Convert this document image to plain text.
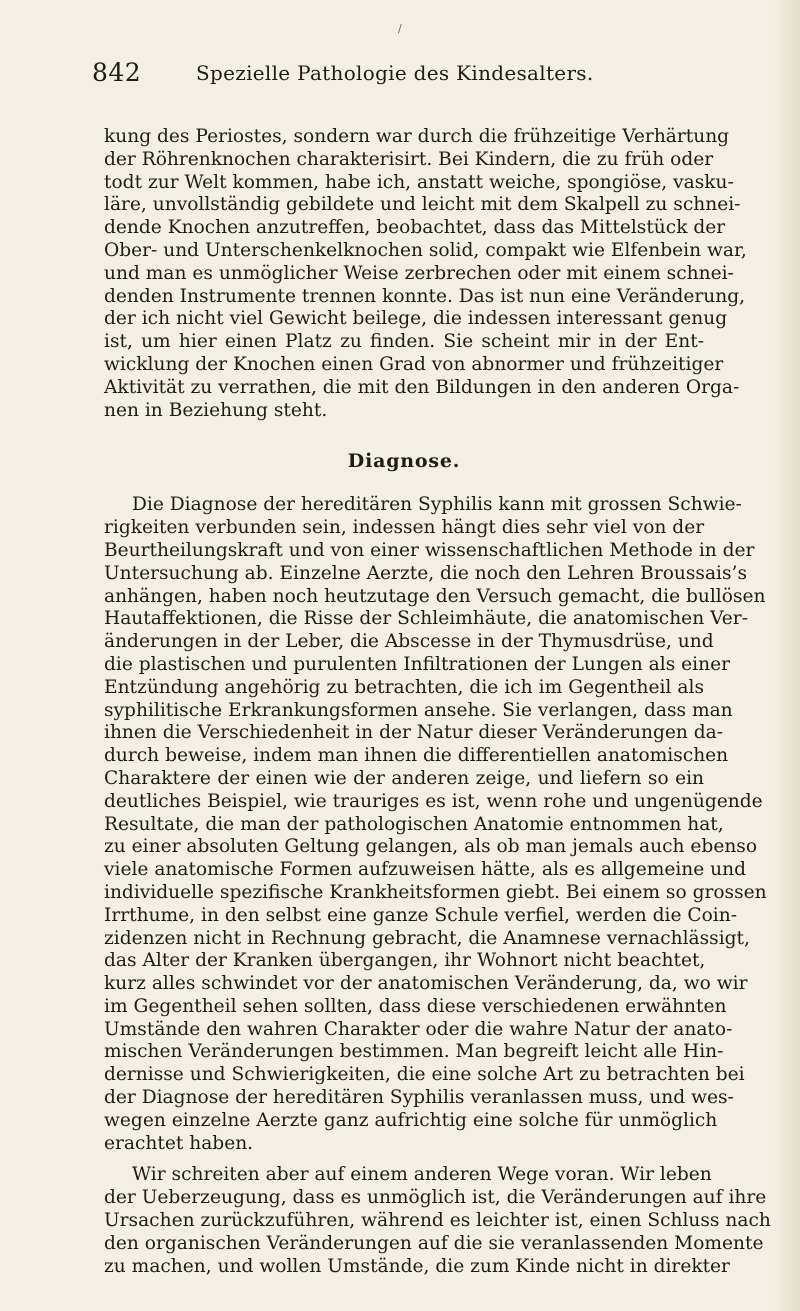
/
842	Spezielle Pathologie des Kindesalters.
kung des Periostes, sondern war durch die frühzeitige Verhärtung
der Röhrenknochen charakterisirt. Bei Kindern, die zu früh oder
todt zur Welt kommen, habe ich, anstatt weiche, spongiöse, vasku-
läre, unvollständig gebildete und leicht mit dem Skalpell zu schnei-
dende Knochen anzutreffen, beobachtet, dass das Mittelstück der
Ober- und Unterschenkelknochen solid, compakt wie Elfenbein war,
und man es unmöglicher Weise zerbrechen oder mit einem schnei-
denden Instrumente trennen konnte. Das ist nun eine Veränderung,
der ich nicht viel Gewicht beilege, die indessen interessant genug
ist, um hier einen Platz zu finden. Sie scheint mir in der Ent-
wicklung der Knochen einen Grad von abnormer und frühzeitiger
Aktivität zu verrathen, die mit den Bildungen in den anderen Orga-
nen in Beziehung steht.
Diagnose.
Die Diagnose der hereditären Syphilis kann mit grossen Schwie-
rigkeiten verbunden sein, indessen hängt dies sehr viel von der
Beurtheilungskraft und von einer wissenschaftlichen Methode in der
Untersuchung ab. Einzelne Aerzte, die noch den Lehren Broussais’s
anhängen, haben noch heutzutage den Versuch gemacht, die bullösen
Hautaffektionen, die Risse der Schleimhäute, die anatomischen Ver-
änderungen in der Leber, die Abscesse in der Thymusdrüse, und
die plastischen und purulenten Infiltrationen der Lungen als einer
Entzündung angehörig zu betrachten, die ich im Gegentheil als
syphilitische Erkrankungsformen ansehe. Sie verlangen, dass man
ihnen die Verschiedenheit in der Natur dieser Veränderungen da-
durch beweise, indem man ihnen die differentiellen anatomischen
Charaktere der einen wie der anderen zeige, und liefern so ein
deutliches Beispiel, wie trauriges es ist, wenn rohe und ungenügende
Resultate, die man der pathologischen Anatomie entnommen hat,
zu einer absoluten Geltung gelangen, als ob man jemals auch ebenso
viele anatomische Formen aufzuweisen hätte, als es allgemeine und
individuelle spezifische Krankheitsformen giebt. Bei einem so grossen
Irrthume, in den selbst eine ganze Schule verfiel, werden die Coin-
zidenzen nicht in Rechnung gebracht, die Anamnese vernachlässigt,
das Alter der Kranken übergangen, ihr Wohnort nicht beachtet,
kurz alles schwindet vor der anatomischen Veränderung, da, wo wir
im Gegentheil sehen sollten, dass diese verschiedenen erwähnten
Umstände den wahren Charakter oder die wahre Natur der anato-
mischen Veränderungen bestimmen. Man begreift leicht alle Hin-
dernisse und Schwierigkeiten, die eine solche Art zu betrachten bei
der Diagnose der hereditären Syphilis veranlassen muss, und wes-
wegen einzelne Aerzte ganz aufrichtig eine solche für unmöglich
erachtet haben.
Wir schreiten aber auf einem anderen Wege voran. Wir leben
der Ueberzeugung, dass es unmöglich ist, die Veränderungen auf ihre
Ursachen zurückzuführen, während es leichter ist, einen Schluss nach
den organischen Veränderungen auf die sie veranlassenden Momente
zu machen, und wollen Umstände, die zum Kinde nicht in direkter
